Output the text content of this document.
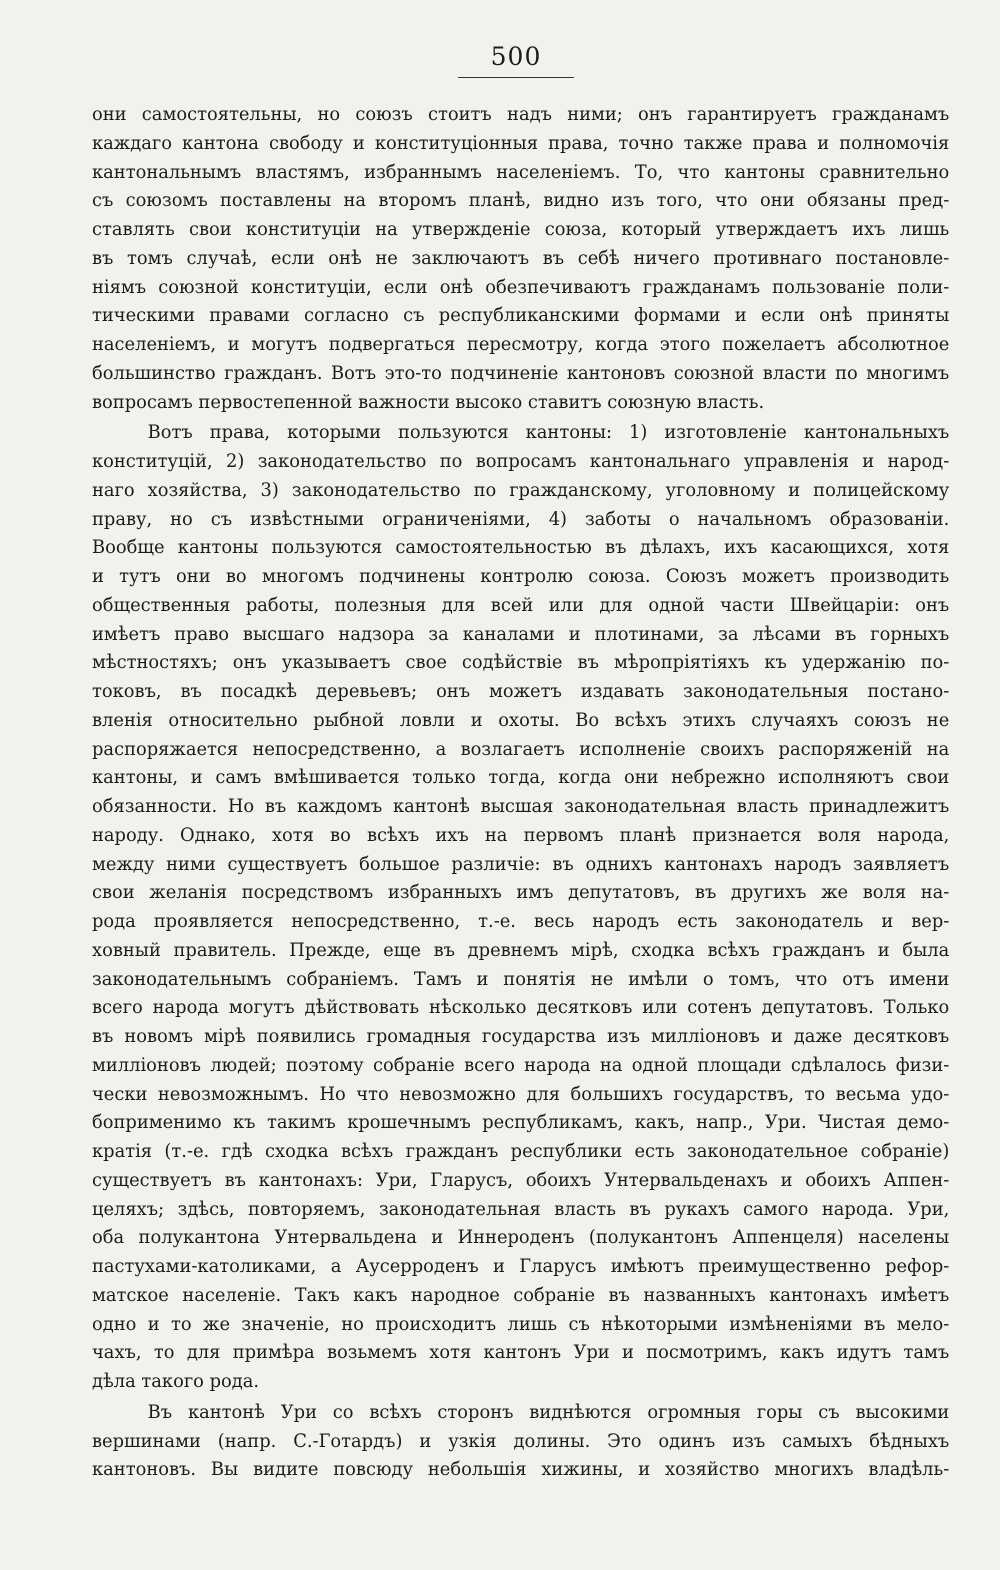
500
они самостоятельны, но союзъ стоитъ надъ ними; онъ гарантируетъ гражданамъ
каждаго кантона свободу и конституціонныя права, точно также права и полномочія
кантональнымъ властямъ, избраннымъ населеніемъ. То, что кантоны сравнительно
съ союзомъ поставлены на второмъ планѣ, видно изъ того, что они обязаны пред-
ставлять свои конституціи на утвержденіе союза, который утверждаетъ ихъ лишь
въ томъ случаѣ, если онѣ не заключаютъ въ себѣ ничего противнаго постановле-
ніямъ союзной конституціи, если онѣ обезпечиваютъ гражданамъ пользованіе поли-
тическими правами согласно съ республиканскими формами и если онѣ приняты
населеніемъ, и могутъ подвергаться пересмотру, когда этого пожелаетъ абсолютное
большинство гражданъ. Вотъ это-то подчиненіе кантоновъ союзной власти по многимъ
вопросамъ первостепенной важности высоко ставитъ союзную власть.
Вотъ права, которыми пользуются кантоны: 1) изготовленіе кантональныхъ
конституцій, 2) законодательство по вопросамъ кантональнаго управленія и народ-
наго хозяйства, 3) законодательство по гражданскому, уголовному и полицейскому
праву, но съ извѣстными ограниченіями, 4) заботы о начальномъ образованіи.
Вообще кантоны пользуются самостоятельностью въ дѣлахъ, ихъ касающихся, хотя
и тутъ они во многомъ подчинены контролю союза. Союзъ можетъ производить
общественныя работы, полезныя для всей или для одной части Швейцаріи: онъ
имѣетъ право высшаго надзора за каналами и плотинами, за лѣсами въ горныхъ
мѣстностяхъ; онъ указываетъ свое содѣйствіе въ мѣропріятіяхъ къ удержанію по-
токовъ, въ посадкѣ деревьевъ; онъ можетъ издавать законодательныя постано-
вленія относительно рыбной ловли и охоты. Во всѣхъ этихъ случаяхъ союзъ не
распоряжается непосредственно, а возлагаетъ исполненіе своихъ распоряженій на
кантоны, и самъ вмѣшивается только тогда, когда они небрежно исполняютъ свои
обязанности. Но въ каждомъ кантонѣ высшая законодательная власть принадлежитъ
народу. Однако, хотя во всѣхъ ихъ на первомъ планѣ признается воля народа,
между ними существуетъ большое различіе: въ однихъ кантонахъ народъ заявляетъ
свои желанія посредствомъ избранныхъ имъ депутатовъ, въ другихъ же воля на-
рода проявляется непосредственно, т.-е. весь народъ есть законодатель и вер-
ховный правитель. Прежде, еще въ древнемъ мірѣ, сходка всѣхъ гражданъ и была
законодательнымъ собраніемъ. Тамъ и понятія не имѣли о томъ, что отъ имени
всего народа могутъ дѣйствовать нѣсколько десятковъ или сотенъ депутатовъ. Только
въ новомъ мірѣ появились громадныя государства изъ милліоновъ и даже десятковъ
милліоновъ людей; поэтому собраніе всего народа на одной площади сдѣлалось физи-
чески невозможнымъ. Но что невозможно для большихъ государствъ, то весьма удо-
боприменимо къ такимъ крошечнымъ республикамъ, какъ, напр., Ури. Чистая демо-
кратія (т.-е. гдѣ сходка всѣхъ гражданъ республики есть законодательное собраніе)
существуетъ въ кантонахъ: Ури, Гларусъ, обоихъ Унтервальденахъ и обоихъ Аппен-
целяхъ; здѣсь, повторяемъ, законодательная власть въ рукахъ самого народа. Ури,
оба полукантона Унтервальдена и Иннероденъ (полукантонъ Аппенцеля) населены
пастухами-католиками, а Аусерроденъ и Гларусъ имѣютъ преимущественно рефор-
матское населеніе. Такъ какъ народное собраніе въ названныхъ кантонахъ имѣетъ
одно и то же значеніе, но происходитъ лишь съ нѣкоторыми измѣненіями въ мело-
чахъ, то для примѣра возьмемъ хотя кантонъ Ури и посмотримъ, какъ идутъ тамъ
дѣла такого рода.
Въ кантонѣ Ури со всѣхъ сторонъ виднѣются огромныя горы съ высокими
вершинами (напр. С.-Готардъ) и узкія долины. Это одинъ изъ самыхъ бѣдныхъ
кантоновъ. Вы видите повсюду небольшія хижины, и хозяйство многихъ владѣль-
